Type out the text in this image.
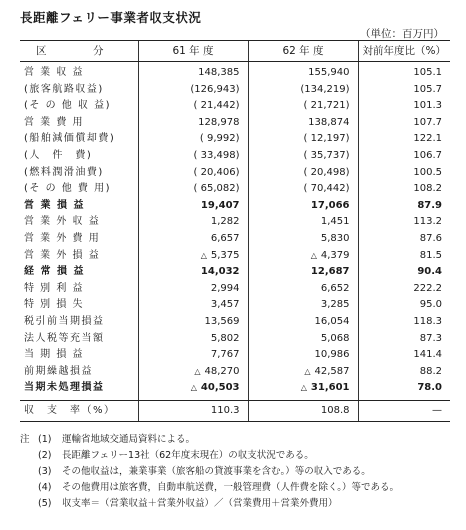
長距離フェリー事業者収支状況
（単位：百万円）
区　分	61 年 度	62 年 度	対前年度比（%）
営 業 収 益	148,385	155,940	105.1
(旅客航路収益)	(126,943)	(134,219)	105.7
(そ の 他 収 益)	( 21,442)	( 21,721)	101.3
営 業 費 用	128,978	138,874	107.7
(船舶減価償却費)	( 9,992)	( 12,197)	122.1
(人　件　費)	( 33,498)	( 35,737)	106.7
(燃料潤滑油費)	( 20,406)	( 20,498)	100.5
(そ の 他 費 用)	( 65,082)	( 70,442)	108.2
営 業 損 益	19,407	17,066	87.9
営 業 外 収 益	1,282	1,451	113.2
営 業 外 費 用	6,657	5,830	87.6
営 業 外 損 益	△ 5,375	△ 4,379	81.5
経 常 損 益	14,032	12,687	90.4
特 別 利 益	2,994	6,652	222.2
特 別 損 失	3,457	3,285	95.0
税引前当期損益	13,569	16,054	118.3
法人税等充当額	5,802	5,068	87.3
当 期 損 益	7,767	10,986	141.4
前期繰越損益	△ 48,270	△ 42,587	88.2
当期未処理損益	△ 40,503	△ 31,601	78.0
収　支　率（%）	110.3	108.8	—
注 (1)	運輸省地域交通局資料による。
(2)	長距離フェリー13社（62年度末現在）の収支状況である。
(3)	その他収益は，兼業事業（旅客船の貸渡事業を含む。）等の収入である。
(4)	その他費用は旅客費，自動車航送費，一般管理費（人件費を除く。）等である。
(5)	収支率＝（営業収益＋営業外収益）／（営業費用＋営業外費用）
